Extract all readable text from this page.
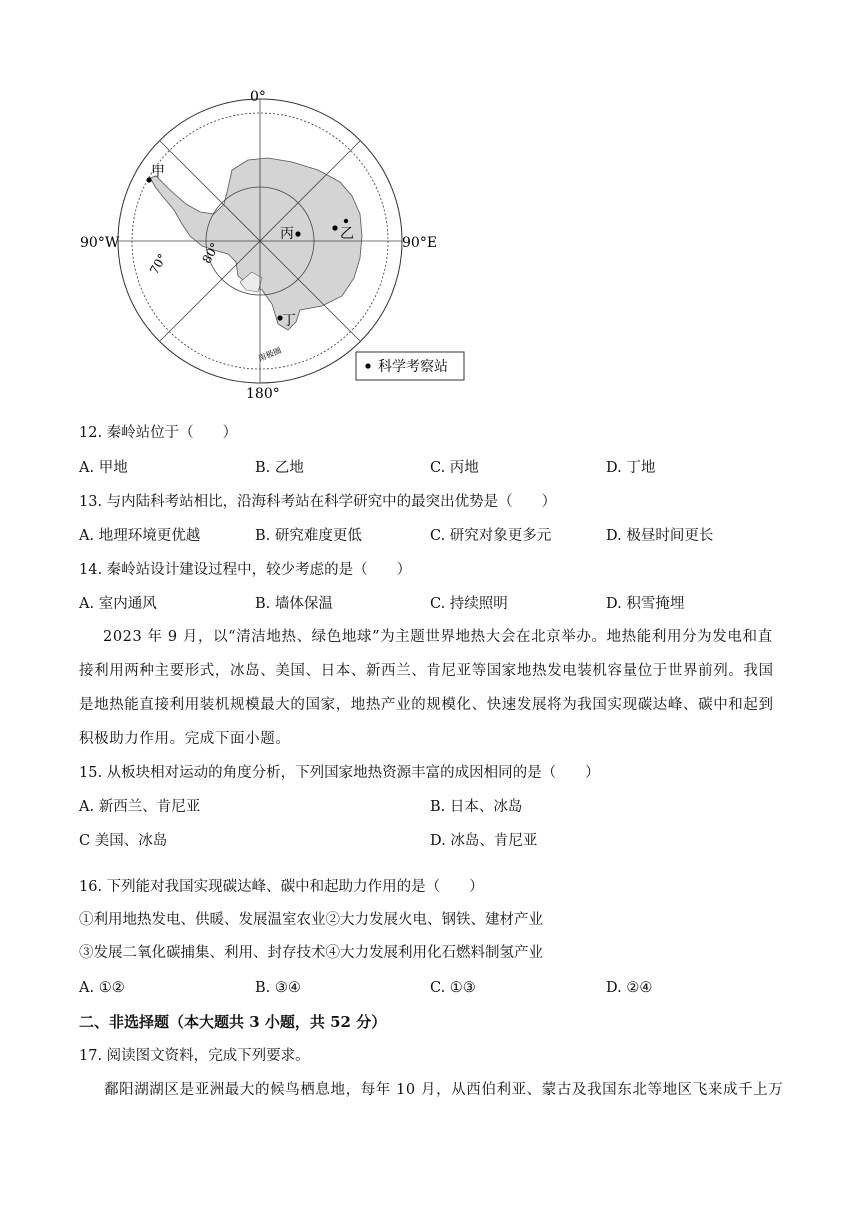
0°
180°
90°W	90°E
70° 80°
南极圈
甲
乙
丙
丁
科学考察站
12. 秦岭站位于（　　）
A. 甲地	B. 乙地	C. 丙地	D. 丁地
13. 与内陆科考站相比，沿海科考站在科学研究中的最突出优势是（　　）
A. 地理环境更优越	B. 研究难度更低	C. 研究对象更多元	D. 极昼时间更长
14. 秦岭站设计建设过程中，较少考虑的是（　　）
A. 室内通风	B. 墙体保温	C. 持续照明	D. 积雪掩埋
2023 年 9 月，以“清洁地热、绿色地球”为主题世界地热大会在北京举办。地热能利用分为发电和直接利用两种主要形式，冰岛、美国、日本、新西兰、肯尼亚等国家地热发电装机容量位于世界前列。我国是地热能直接利用装机规模最大的国家，地热产业的规模化、快速发展将为我国实现碳达峰、碳中和起到积极助力作用。完成下面小题。
15. 从板块相对运动的角度分析，下列国家地热资源丰富的成因相同的是（　　）
A. 新西兰、肯尼亚	B. 日本、冰岛
C 美国、冰岛	D. 冰岛、肯尼亚
16. 下列能对我国实现碳达峰、碳中和起助力作用的是（　　）
①利用地热发电、供暖、发展温室农业②大力发展火电、钢铁、建材产业
③发展二氧化碳捕集、利用、封存技术④大力发展利用化石燃料制氢产业
A. ①②	B. ③④	C. ①③	D. ②④
二、非选择题（本大题共 3 小题，共 52 分）
17. 阅读图文资料，完成下列要求。
鄱阳湖湖区是亚洲最大的候鸟栖息地，每年 10 月，从西伯利亚、蒙古及我国东北等地区飞来成千上万
